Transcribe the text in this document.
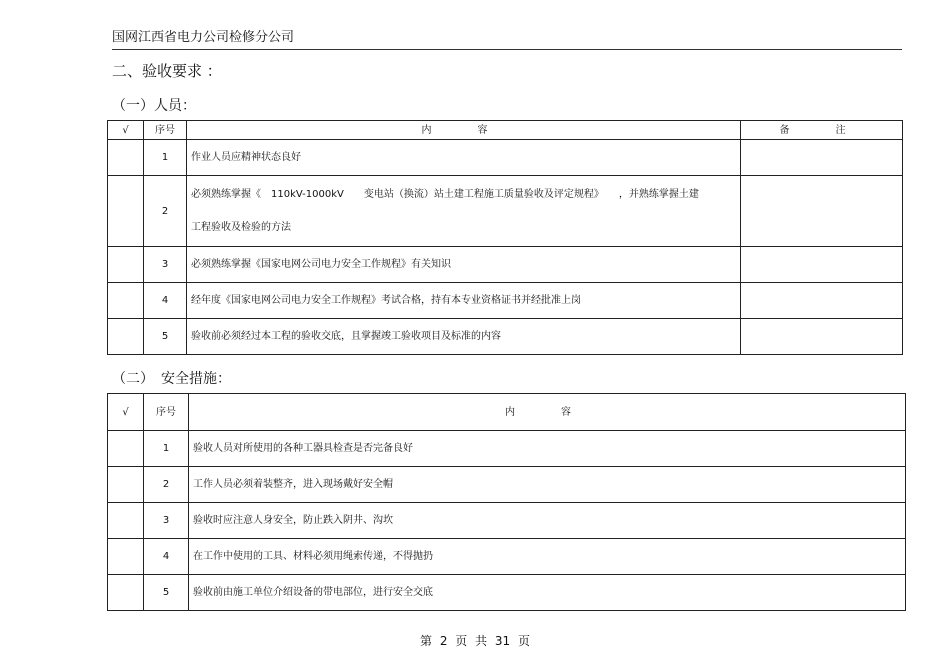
国网江西省电力公司检修分公司
二、验收要求 ：
（一）人员：
√	序号	内　容	备　注
	1	作业人员应精神状态良好	
	2	必须熟练掌握《　110kV-1000kV　　变电站（换流）站土建工程施工质量验收及评定规程》　　，并熟练掌握土建
工程验收及检验的方法	
	3	必须熟练掌握《国家电网公司电力安全工作规程》有关知识	
	4	经年度《国家电网公司电力安全工作规程》考试合格，持有本专业资格证书并经批准上岗	
	5	验收前必须经过本工程的验收交底，且掌握竣工验收项目及标准的内容	
（二）　安全措施：
√	序号	内　容
	1	验收人员对所使用的各种工器具检查是否完备良好
	2	工作人员必须着装整齐，进入现场戴好安全帽
	3	验收时应注意人身安全，防止跌入阴井、沟坎
	4	在工作中使用的工具、材料必须用绳索传递，不得抛扔
	5	验收前由施工单位介绍设备的带电部位，进行安全交底
第 2 页 共 31 页
